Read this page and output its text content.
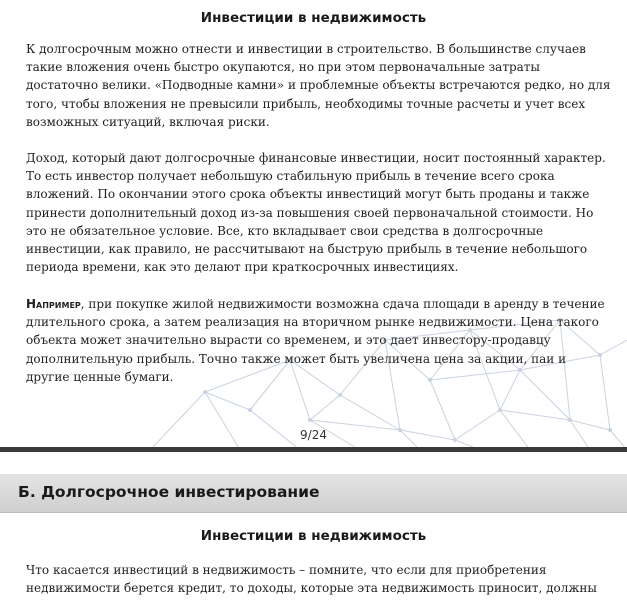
Инвестиции в недвижимость

К долгосрочным можно отнести и инвестиции в строительство. В большинстве случаев такие вложения очень быстро окупаются, но при этом первоначальные затраты достаточно велики. «Подводные камни» и проблемные объекты встречаются редко, но для того, чтобы вложения не превысили прибыль, необходимы точные расчеты и учет всех возможных ситуаций, включая риски.

Доход, который дают долгосрочные финансовые инвестиции, носит постоянный характер. То есть инвестор получает небольшую стабильную прибыль в течение всего срока вложений. По окончании этого срока объекты инвестиций могут быть проданы и также принести дополнительный доход из-за повышения своей первоначальной стоимости. Но это не обязательное условие. Все, кто вкладывает свои средства в долгосрочные инвестиции, как правило, не рассчитывают на быструю прибыль в течение небольшого периода времени, как это делают при краткосрочных инвестициях.

Например, при покупке жилой недвижимости возможна сдача площади в аренду в течение длительного срока, а затем реализация на вторичном рынке недвижимости. Цена такого объекта может значительно вырасти со временем, и это дает инвестору-продавцу дополнительную прибыль. Точно также может быть увеличена цена за акции, паи и другие ценные бумаги.

9/24
Б. Долгосрочное инвестирование
Инвестиции в недвижимость

Что касается инвестиций в недвижимость – помните, что если для приобретения недвижимости берется кредит, то доходы, которые эта недвижимость приносит, должны
